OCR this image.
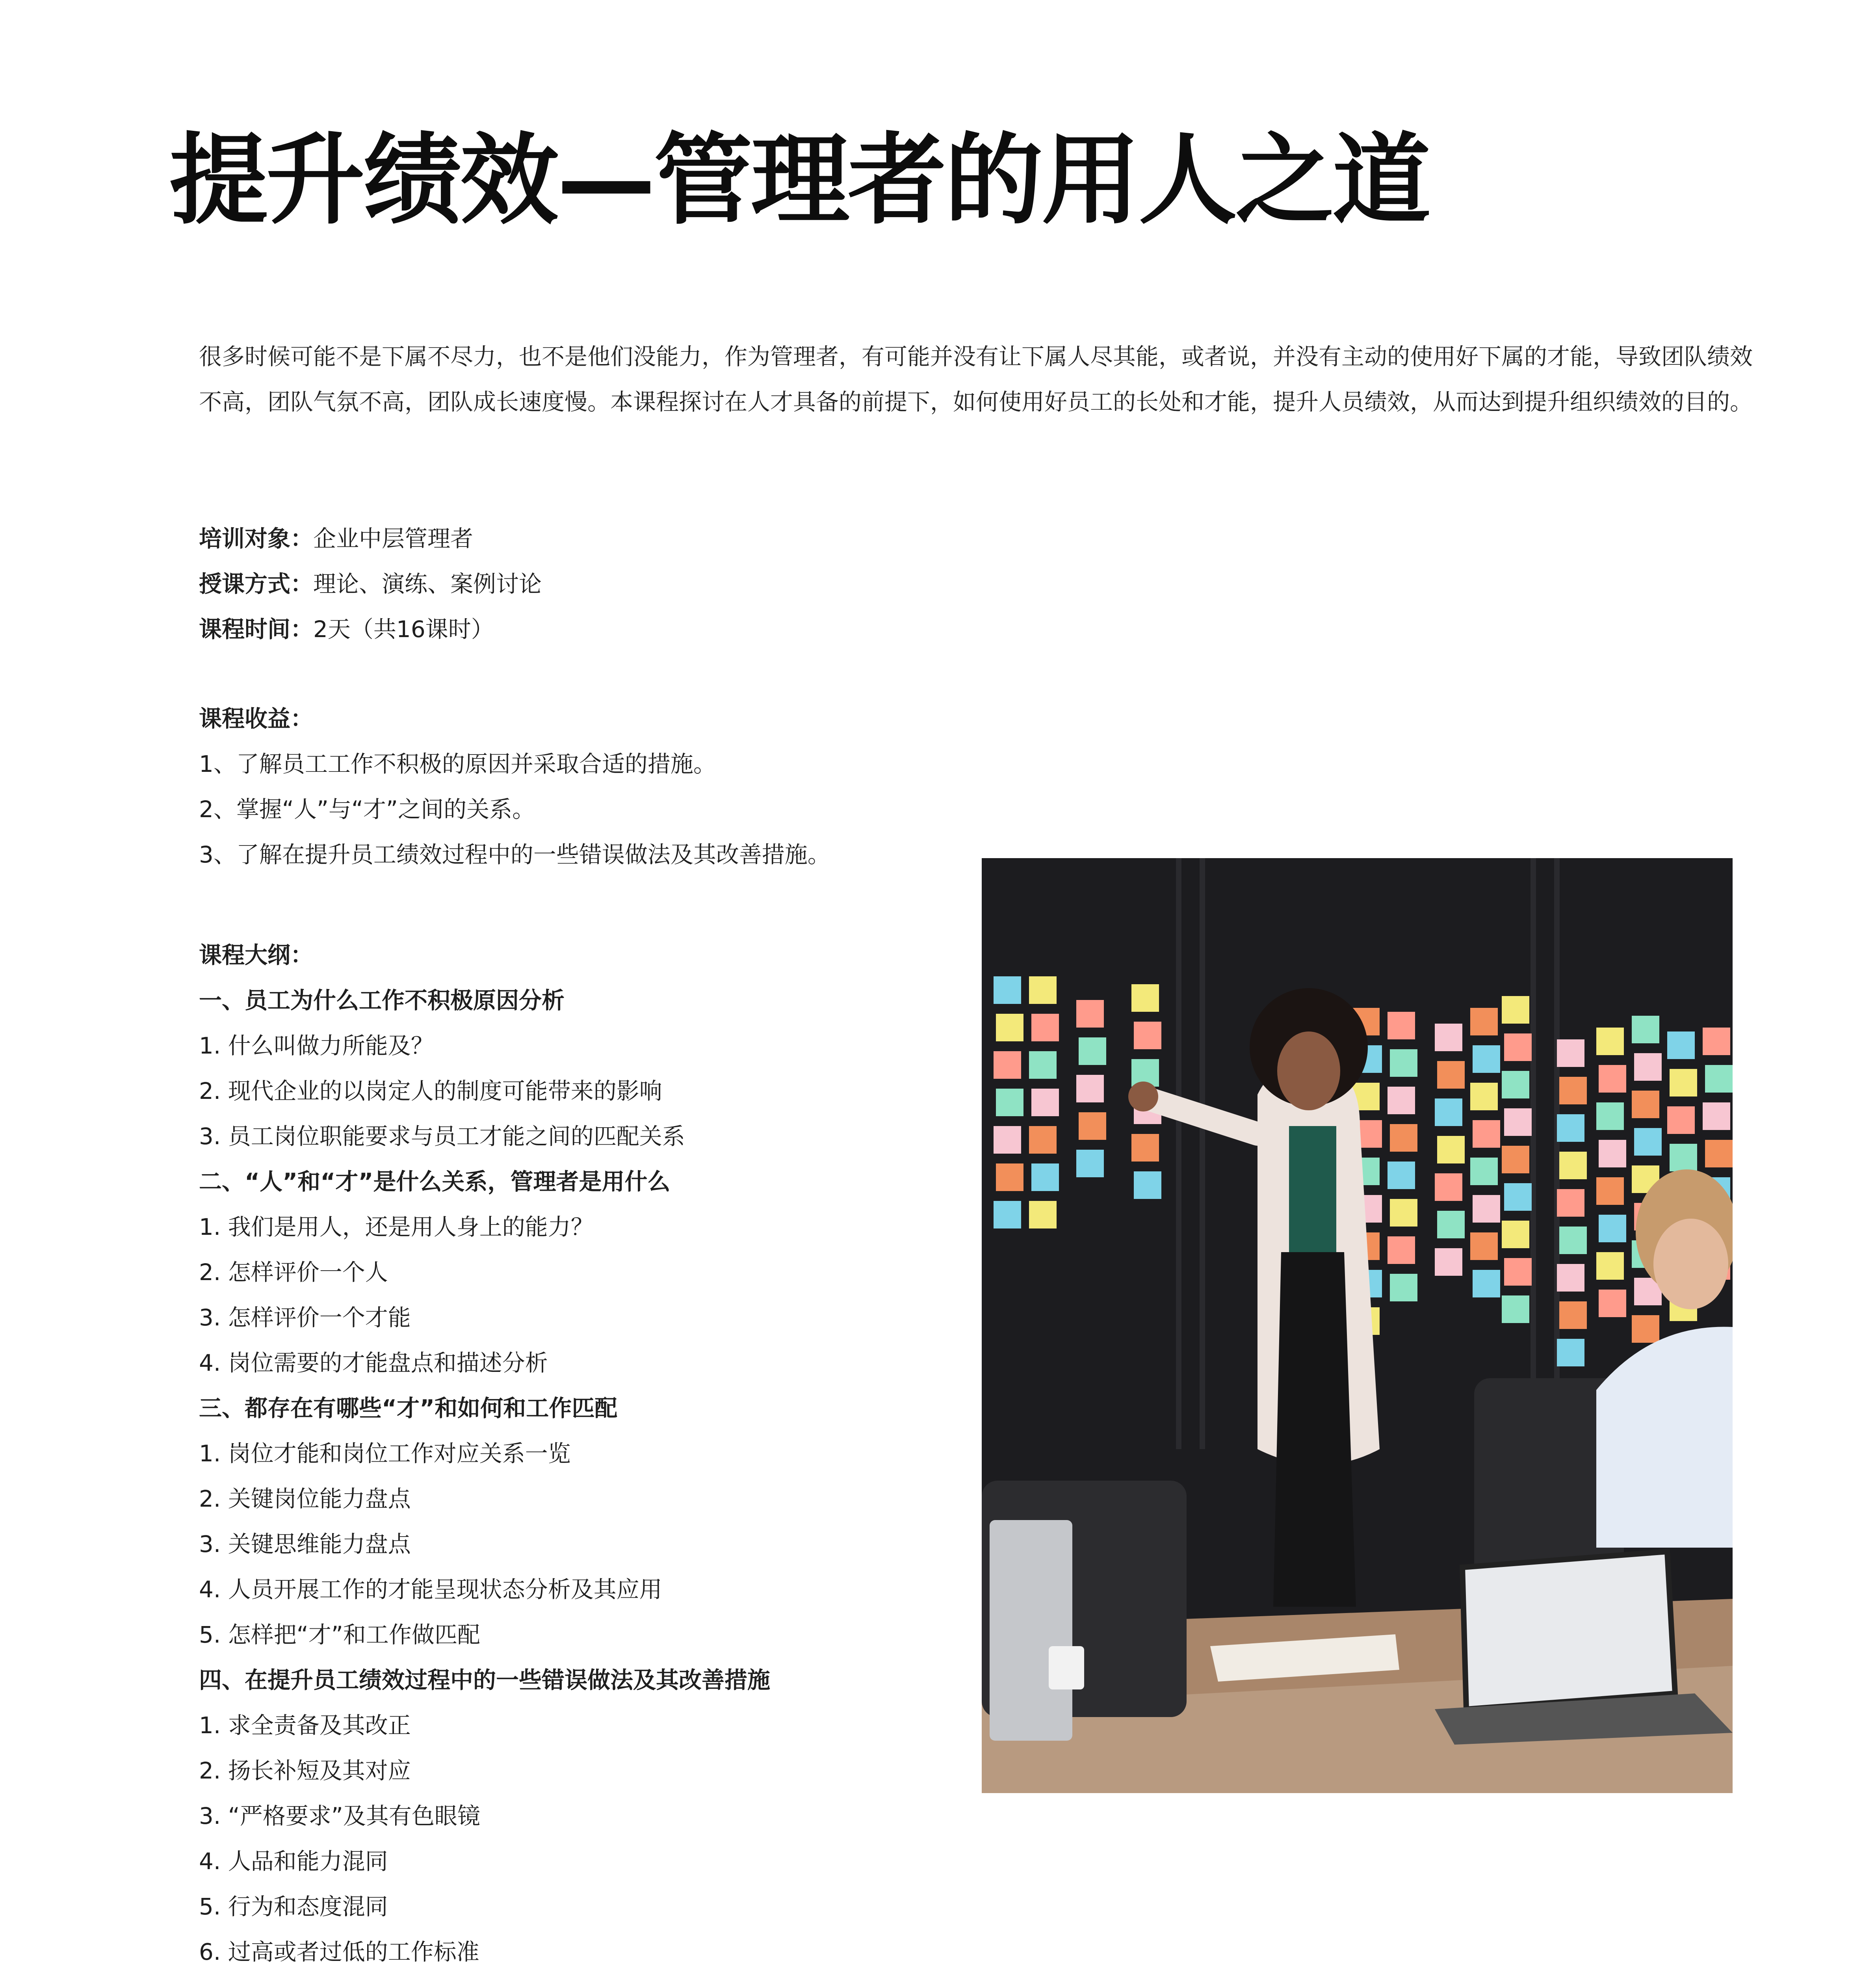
提升绩效—管理者的用人之道

很多时候可能不是下属不尽力，也不是他们没能力，作为管理者，有可能并没有让下属人尽其能，或者说，并没有主动的使用好下属的才能，导致团队绩效不高，团队气氛不高，团队成长速度慢。本课程探讨在人才具备的前提下，如何使用好员工的长处和才能，提升人员绩效，从而达到提升组织绩效的目的。

培训对象：企业中层管理者
授课方式：理论、演练、案例讨论
课程时间：2天（共16课时）
课程收益：
1、了解员工工作不积极的原因并采取合适的措施。
2、掌握“人”与“才”之间的关系。
3、了解在提升员工绩效过程中的一些错误做法及其改善措施。
课程大纲：
一、员工为什么工作不积极原因分析
1. 什么叫做力所能及？
2. 现代企业的以岗定人的制度可能带来的影响
3. 员工岗位职能要求与员工才能之间的匹配关系
二、“人”和“才”是什么关系，管理者是用什么
1. 我们是用人，还是用人身上的能力？
2. 怎样评价一个人
3. 怎样评价一个才能
4. 岗位需要的才能盘点和描述分析
三、都存在有哪些“才”和如何和工作匹配
1. 岗位才能和岗位工作对应关系一览
2. 关键岗位能力盘点
3. 关键思维能力盘点
4. 人员开展工作的才能呈现状态分析及其应用
5. 怎样把“才”和工作做匹配
四、在提升员工绩效过程中的一些错误做法及其改善措施
1. 求全责备及其改正
2. 扬长补短及其对应
3. “严格要求”及其有色眼镜
4. 人品和能力混同
5. 行为和态度混同
6. 过高或者过低的工作标准
